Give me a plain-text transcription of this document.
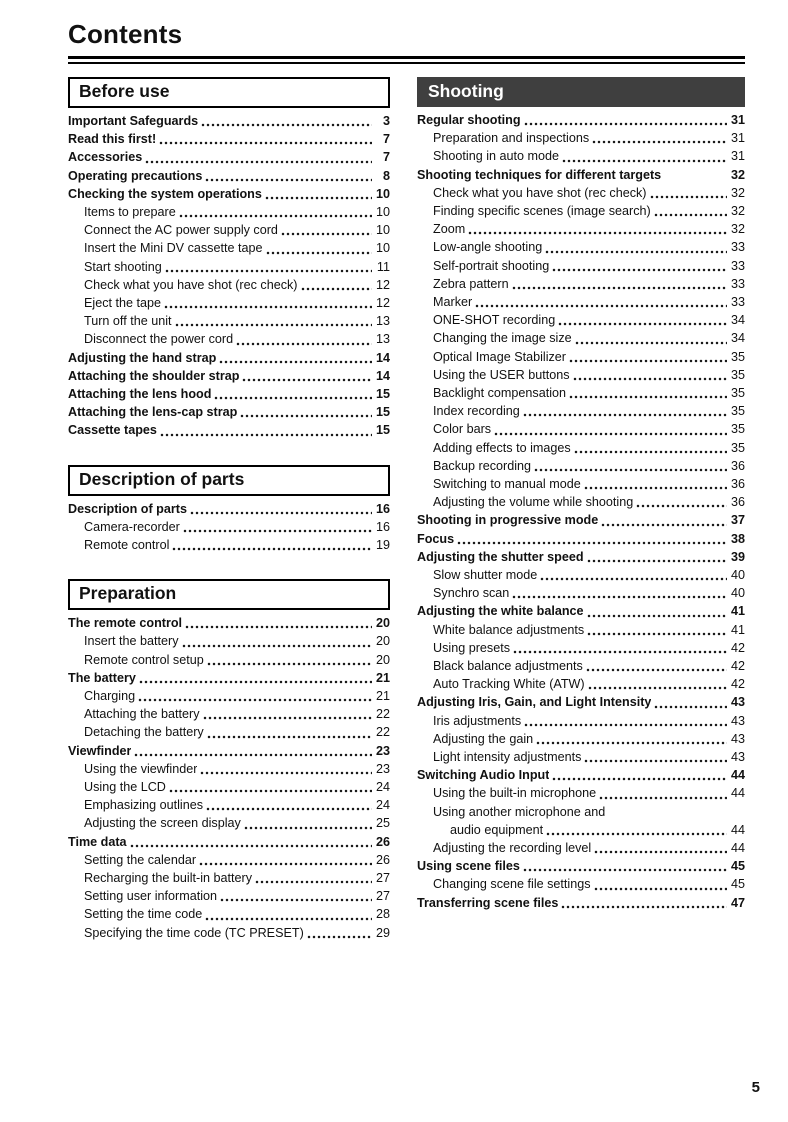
Contents
Before use
Important Safeguards	3
Read this first!	7
Accessories	7
Operating precautions	8
Checking the system operations	10
Items to prepare	10
Connect the AC power supply cord	10
Insert the Mini DV cassette tape	10
Start shooting	11
Check what you have shot (rec check)	12
Eject the tape	12
Turn off the unit	13
Disconnect the power cord	13
Adjusting the hand strap	14
Attaching the shoulder strap	14
Attaching the lens hood	15
Attaching the lens-cap strap	15
Cassette tapes	15
Description of parts
Description of parts	16
Camera-recorder	16
Remote control	19
Preparation
The remote control	20
Insert the battery	20
Remote control setup	20
The battery	21
Charging	21
Attaching the battery	22
Detaching the battery	22
Viewfinder	23
Using the viewfinder	23
Using the LCD	24
Emphasizing outlines	24
Adjusting the screen display	25
Time data	26
Setting the calendar	26
Recharging the built-in battery	27
Setting user information	27
Setting the time code	28
Specifying the time code (TC PRESET)	29
Shooting
Regular shooting	31
Preparation and inspections	31
Shooting in auto mode	31
Shooting techniques for different targets	32
Check what you have shot (rec check)	32
Finding specific scenes (image search)	32
Zoom	32
Low-angle shooting	33
Self-portrait shooting	33
Zebra pattern	33
Marker	33
ONE-SHOT recording	34
Changing the image size	34
Optical Image Stabilizer	35
Using the USER buttons	35
Backlight compensation	35
Index recording	35
Color bars	35
Adding effects to images	35
Backup recording	36
Switching to manual mode	36
Adjusting the volume while shooting	36
Shooting in progressive mode	37
Focus	38
Adjusting the shutter speed	39
Slow shutter mode	40
Synchro scan	40
Adjusting the white balance	41
White balance adjustments	41
Using presets	42
Black balance adjustments	42
Auto Tracking White (ATW)	42
Adjusting Iris, Gain, and Light Intensity	43
Iris adjustments	43
Adjusting the gain	43
Light intensity adjustments	43
Switching Audio Input	44
Using the built-in microphone	44
Using another microphone and
audio equipment	44
Adjusting the recording level	44
Using scene files	45
Changing scene file settings	45
Transferring scene files	47
5
